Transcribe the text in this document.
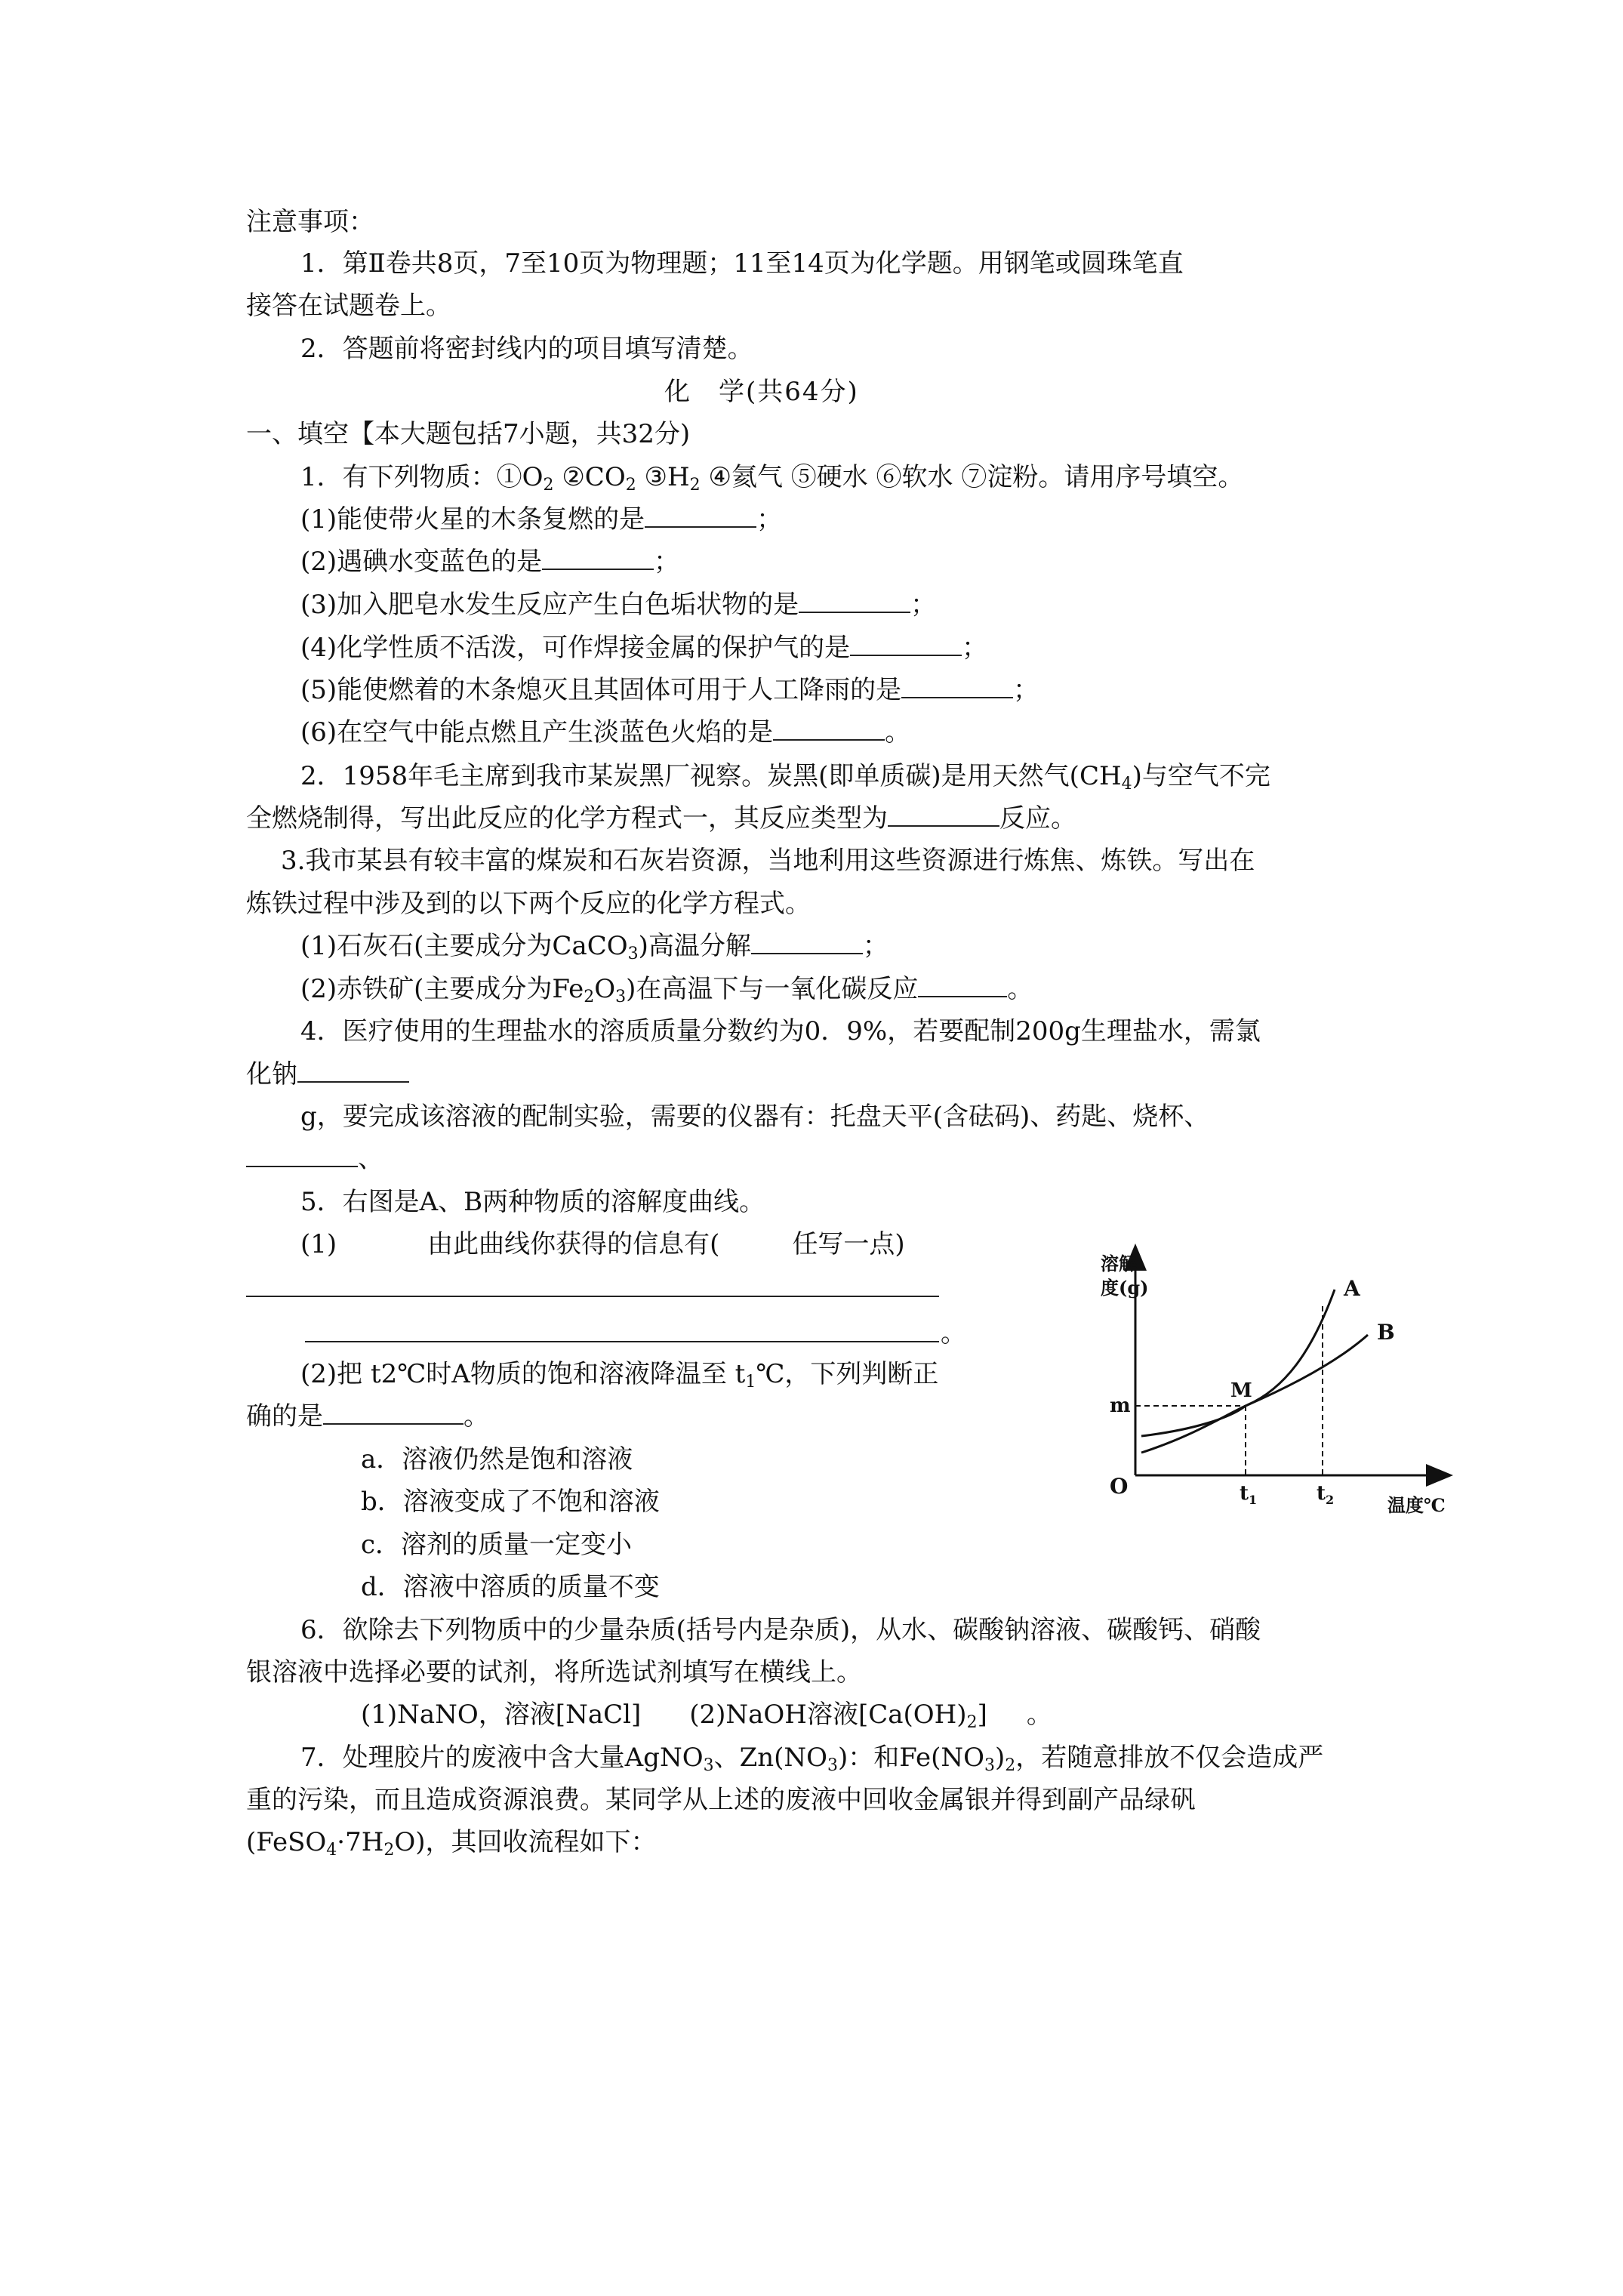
注意事项：
1．第Ⅱ卷共8页，7至10页为物理题；11至14页为化学题。用钢笔或圆珠笔直
接答在试题卷上。
2．答题前将密封线内的项目填写清楚。
化　学(共64分)
一、填空【本大题包括7小题，共32分)
1．有下列物质：$①O_2$ $②CO_2$ $③H_2$ ④氦气 ⑤硬水 ⑥软水 ⑦淀粉。请用序号填空。
(1)能使带火星的木条复燃的是	；
(2)遇碘水变蓝色的是	；
(3)加入肥皂水发生反应产生白色垢状物的是	；
(4)化学性质不活泼，可作焊接金属的保护气的是	；
(5)能使燃着的木条熄灭且其固体可用于人工降雨的是	；
(6)在空气中能点燃且产生淡蓝色火焰的是	。
2．1958年毛主席到我市某炭黑厂视察。炭黑(即单质碳)是用天然气$(CH_4)$与空气不完
全燃烧制得，写出此反应的化学方程式一，其反应类型为	反应。
3.我市某县有较丰富的煤炭和石灰岩资源，当地利用这些资源进行炼焦、炼铁。写出在
炼铁过程中涉及到的以下两个反应的化学方程式。
(1)石灰石(主要成分为CaCO$_3$)高温分解	；
(2)赤铁矿(主要成分为$Fe_2O_3$)在高温下与一氧化碳反应	。
4．医疗使用的生理盐水的溶质质量分数约为0．9%，若要配制200g生理盐水，需氯
化钠
g，要完成该溶液的配制实验，需要的仪器有：托盘天平(含砝码)、药匙、烧杯、
、
5．右图是A、B两种物质的溶解度曲线。
(1)	由此曲线你获得的信息有(	任写一点)
。
(2)把 t2℃时A物质的饱和溶液降温至 $t_1℃$，下列判断正
确的是	。
a．溶液仍然是饱和溶液
b．溶液变成了不饱和溶液
c．溶剂的质量一定变小
d．溶液中溶质的质量不变
溶解
度(g)
m
M
A
B
O	t 1	t 2	温度℃
6．欲除去下列物质中的少量杂质(括号内是杂质)，从水、碳酸钠溶液、碳酸钙、硝酸
银溶液中选择必要的试剂，将所选试剂填写在横线上。
(1)NaNO，溶液[NaCl] (2)NaOH溶液$[Ca(OH)_2]$ 。
7．处理胶片的废液中含大量AgNO$_3$、$Zn(NO_3)$：和$Fe(NO_3)_2$，若随意排放不仅会造成严
重的污染，而且造成资源浪费。某同学从上述的废液中回收金属银并得到副产品绿矾
$(FeSO_4\cdot 7H_2O)$，其回收流程如下：
